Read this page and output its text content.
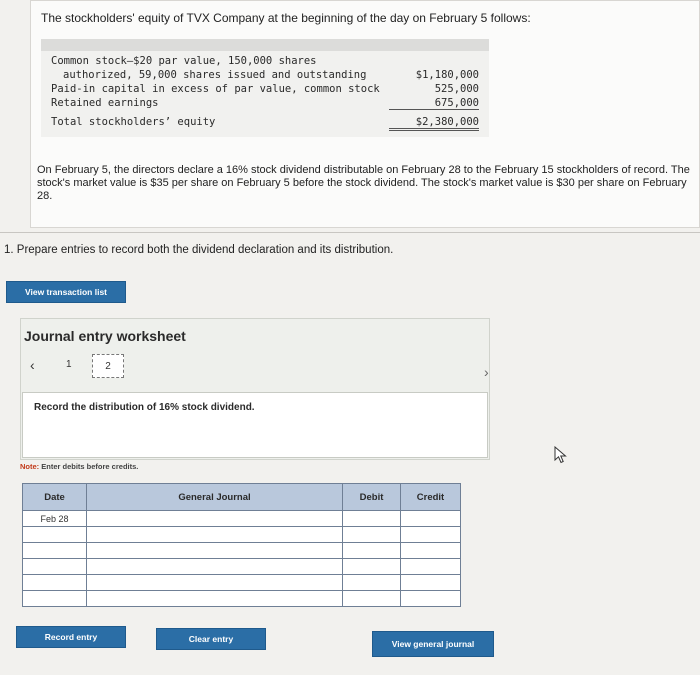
The stockholders' equity of TVX Company at the beginning of the day on February 5 follows:
Common stock—$20 par value, 150,000 shares
authorized, 59,000 shares issued and outstanding	$1,180,000
Paid-in capital in excess of par value, common stock	525,000
Retained earnings	675,000
Total stockholders’ equity	$2,380,000
On February 5, the directors declare a 16% stock dividend distributable on February 28 to the February 15 stockholders of record. The stock's market value is $35 per share on February 5 before the stock dividend. The stock's market value is $30 per share on February 28.
1. Prepare entries to record both the dividend declaration and its distribution.
View transaction list
Journal entry worksheet
‹	1	2	›
Record the distribution of 16% stock dividend.
Note: Enter debits before credits.
Date	General Journal	Debit	Credit
Feb 28			

Record entry	Clear entry	View general journal
